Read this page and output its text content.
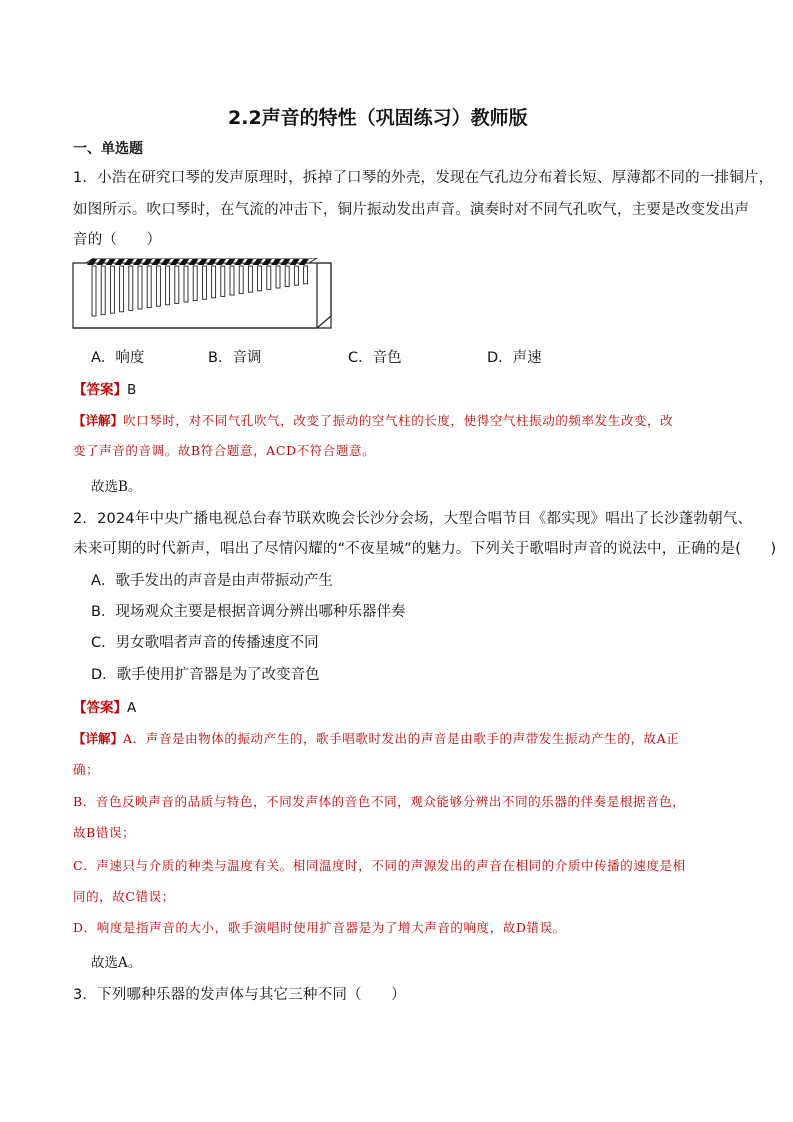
2.2声音的特性（巩固练习）教师版
一、单选题
1．小浩在研究口琴的发声原理时，拆掉了口琴的外壳，发现在气孔边分布着长短、厚薄都不同的一排铜片，
如图所示。吹口琴时，在气流的冲击下，铜片振动发出声音。演奏时对不同气孔吹气，主要是改变发出声
音的（　　）
A．响度	B．音调	C．音色	D．声速
【答案】B
【详解】吹口琴时，对不同气孔吹气，改变了振动的空气柱的长度，使得空气柱振动的频率发生改变，改
变了声音的音调。故B符合题意，ACD不符合题意。
故选B。
2．2024年中央广播电视总台春节联欢晚会长沙分会场，大型合唱节目《都实现》唱出了长沙蓬勃朝气、
未来可期的时代新声，唱出了尽情闪耀的“不夜星城”的魅力。下列关于歌唱时声音的说法中，正确的是(　　)
A．歌手发出的声音是由声带振动产生
B．现场观众主要是根据音调分辨出哪种乐器伴奏
C．男女歌唱者声音的传播速度不同
D．歌手使用扩音器是为了改变音色
【答案】A
【详解】A．声音是由物体的振动产生的，歌手唱歌时发出的声音是由歌手的声带发生振动产生的，故A正
确；
B．音色反映声音的品质与特色，不同发声体的音色不同，观众能够分辨出不同的乐器的伴奏是根据音色，
故B错误；
C．声速只与介质的种类与温度有关。相同温度时，不同的声源发出的声音在相同的介质中传播的速度是相
同的，故C错误；
D．响度是指声音的大小，歌手演唱时使用扩音器是为了增大声音的响度，故D错误。
故选A。
3．下列哪种乐器的发声体与其它三种不同（　　）
